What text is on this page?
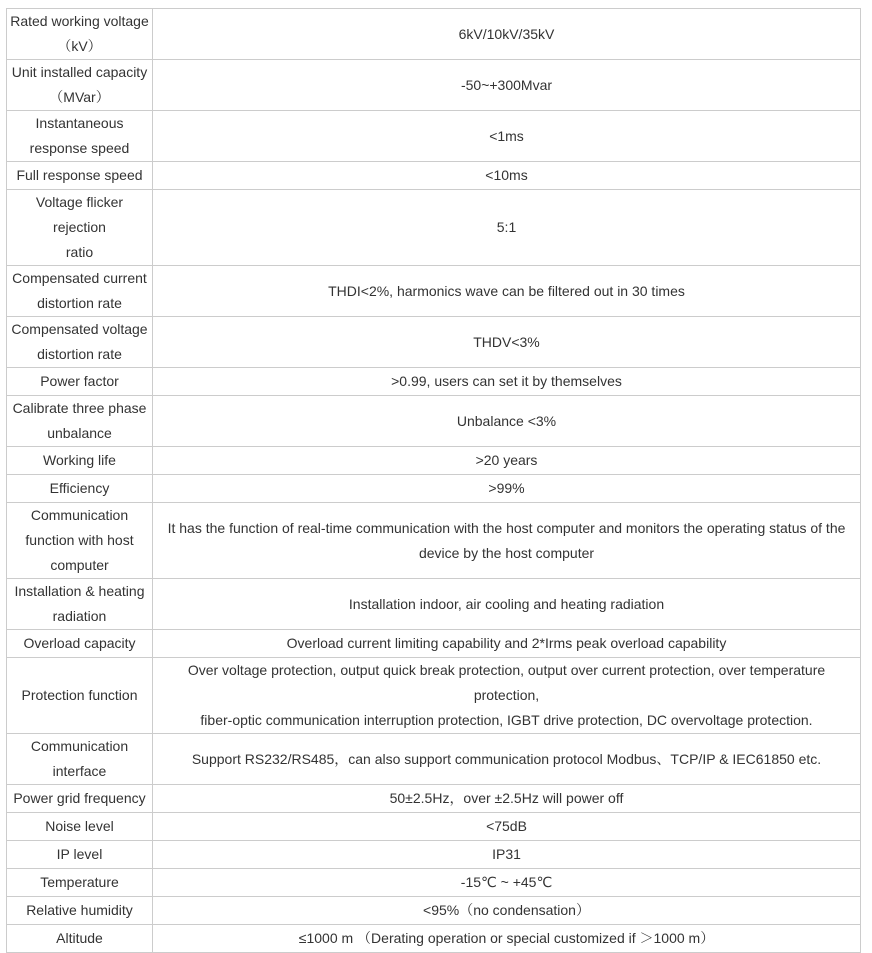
Rated working voltage
（kV）	6kV/10kV/35kV
Unit installed capacity
（MVar）	-50~+300Mvar
Instantaneous
response speed	<1ms
Full response speed	<10ms
Voltage flicker rejection
ratio	5:1
Compensated current
distortion rate	THDI<2%, harmonics wave can be filtered out in 30 times
Compensated voltage
distortion rate	THDV<3%
Power factor	>0.99, users can set it by themselves
Calibrate three phase
unbalance	Unbalance <3%
Working life	>20 years
Efficiency	>99%
Communication
function with host
computer	It has the function of real-time communication with the host computer and monitors the operating status of the
device by the host computer
Installation & heating
radiation	Installation indoor, air cooling and heating radiation
Overload capacity	Overload current limiting capability and 2*Irms peak overload capability
Protection function	Over voltage protection, output quick break protection, output over current protection, over temperature protection,
fiber-optic communication interruption protection, IGBT drive protection, DC overvoltage protection.
Communication
interface	Support RS232/RS485，can also support communication protocol Modbus、TCP/IP & IEC61850 etc.
Power grid frequency	50±2.5Hz，over ±2.5Hz will power off
Noise level	<75dB
IP level	IP31
Temperature	-15℃ ~ +45℃
Relative humidity	<95%（no condensation）
Altitude	≤1000 m （Derating operation or special customized if ＞1000 m）
